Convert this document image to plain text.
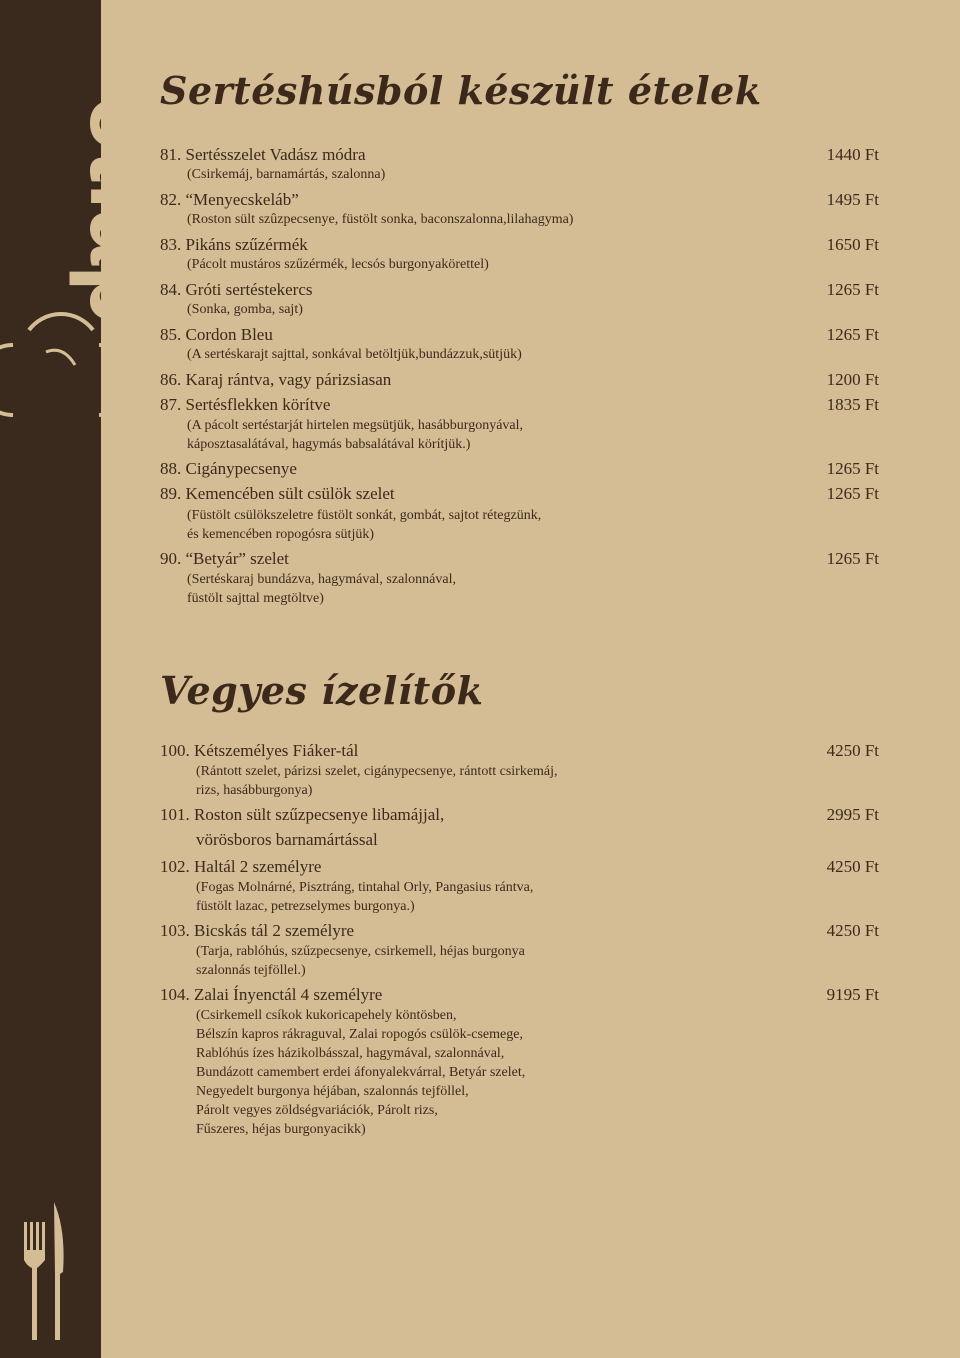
étlap
Sertéshúsból készült ételek
81. Sertésszelet Vadász módra	1440 Ft
(Csirkemáj, barnamártás, szalonna)
82. “Menyecskeláb”	1495 Ft
(Roston sült szûzpecsenye, füstölt sonka, baconszalonna,lilahagyma)
83. Pikáns szűzérmék	1650 Ft
(Pácolt mustáros szűzérmék, lecsós burgonyakörettel)
84. Gróti sertéstekercs	1265 Ft
(Sonka, gomba, sajt)
85. Cordon Bleu	1265 Ft
(A sertéskarajt sajttal, sonkával betöltjük,bundázzuk,sütjük)
86. Karaj rántva, vagy párizsiasan	1200 Ft
87. Sertésflekken körítve	1835 Ft
(A pácolt sertéstarját hirtelen megsütjük, hasábburgonyával,
káposztasalátával, hagymás babsalátával körítjük.)
88. Cigánypecsenye	1265 Ft
89. Kemencében sült csülök szelet	1265 Ft
(Füstölt csülökszeletre füstölt sonkát, gombát, sajtot rétegzünk,
és kemencében ropogósra sütjük)
90. “Betyár” szelet	1265 Ft
(Sertéskaraj bundázva, hagymával, szalonnával,
füstölt sajttal megtöltve)
Vegyes ízelítők
100. Kétszemélyes Fiáker-tál	4250 Ft
(Rántott szelet, párizsi szelet, cigánypecsenye, rántott csirkemáj,
rizs, hasábburgonya)
101. Roston sült szűzpecsenye libamájjal,	2995 Ft
vörösboros barnamártással
102. Haltál 2 személyre	4250 Ft
(Fogas Molnárné, Pisztráng, tintahal Orly, Pangasius rántva,
füstölt lazac, petrezselymes burgonya.)
103. Bicskás tál 2 személyre	4250 Ft
(Tarja, rablóhús, szűzpecsenye, csirkemell, héjas burgonya
szalonnás tejföllel.)
104. Zalai Ínyenctál 4 személyre	9195 Ft
(Csirkemell csíkok kukoricapehely köntösben,
Bélszín kapros rákraguval, Zalai ropogós csülök-csemege,
Rablóhús ízes házikolbásszal, hagymával, szalonnával,
Bundázott camembert erdei áfonyalekvárral, Betyár szelet,
Negyedelt burgonya héjában, szalonnás tejföllel,
Párolt vegyes zöldségvariációk, Párolt rizs,
Fűszeres, héjas burgonyacikk)
